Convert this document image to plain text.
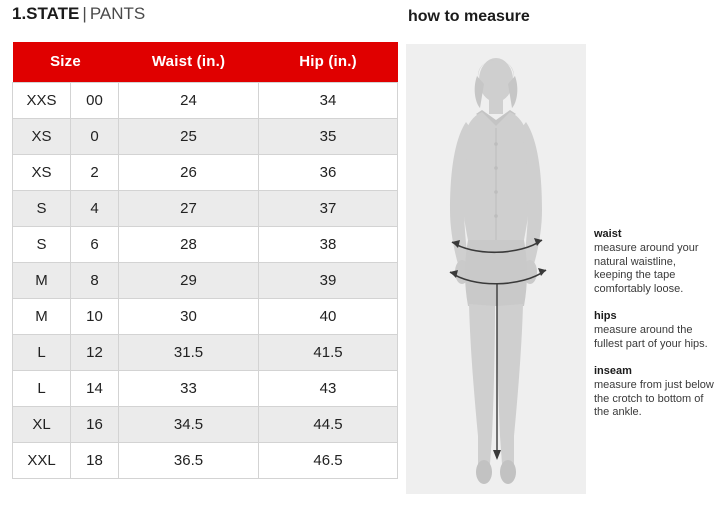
1.STATE | PANTS
Size		Waist (in.)	Hip (in.)
XXS	00	24	34
XS	0	25	35
XS	2	26	36
S	4	27	37
S	6	28	38
M	8	29	39
M	10	30	40
L	12	31.5	41.5
L	14	33	43
XL	16	34.5	44.5
XXL	18	36.5	46.5
how to measure
waist
measure around your natural waistline, keeping the tape comfortably loose.
hips
measure around the fullest part of your hips.
inseam
measure from just below the crotch to bottom of the ankle.
